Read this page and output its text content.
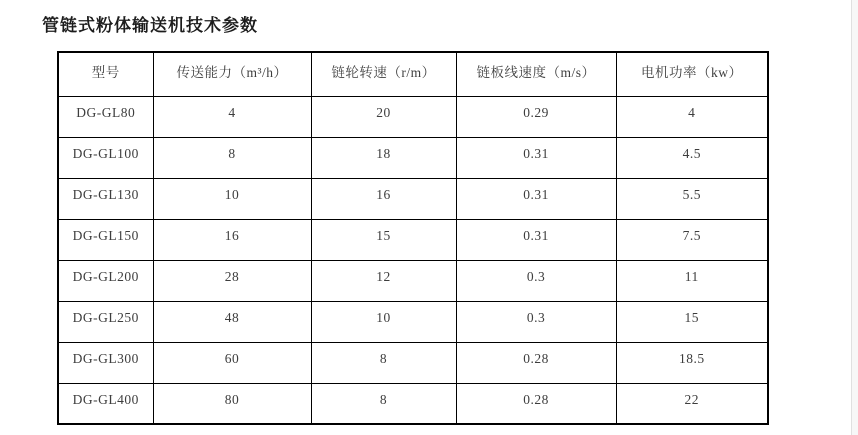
管链式粉体输送机技术参数
型号	传送能力（m³/h）	链轮转速（r/m）	链板线速度（m/s）	电机功率（kw）
DG-GL80	4	20	0.29	4
DG-GL100	8	18	0.31	4.5
DG-GL130	10	16	0.31	5.5
DG-GL150	16	15	0.31	7.5
DG-GL200	28	12	0.3	11
DG-GL250	48	10	0.3	15
DG-GL300	60	8	0.28	18.5
DG-GL400	80	8	0.28	22
